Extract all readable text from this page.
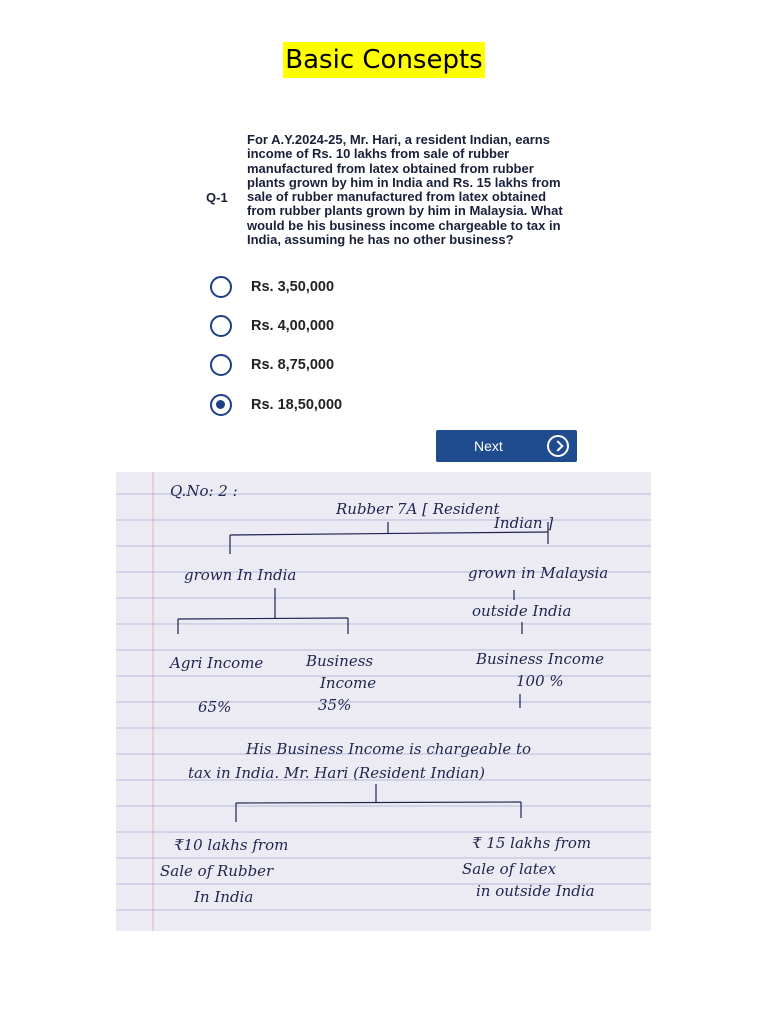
Basic Consepts
Q-1
For A.Y.2024-25, Mr. Hari, a resident Indian, earns
income of Rs. 10 lakhs from sale of rubber
manufactured from latex obtained from rubber
plants grown by him in India and Rs. 15 lakhs from
sale of rubber manufactured from latex obtained
from rubber plants grown by him in Malaysia. What
would be his business income chargeable to tax in
India, assuming he has no other business?
Rs. 3,50,000
Rs. 4,00,000
Rs. 8,75,000
Rs. 18,50,000
Next
Q.No: 2 :
Rubber 7A [ Resident
Indian ]
grown In India	grown in Malaysia
outside India
Agri Income	Business
Income
65%	35%
Business Income
100 %
His Business Income is chargeable to
tax in India. Mr. Hari (Resident Indian)
₹10 lakhs from
Sale of Rubber
In India
₹ 15 lakhs from
Sale of latex
in outside India
